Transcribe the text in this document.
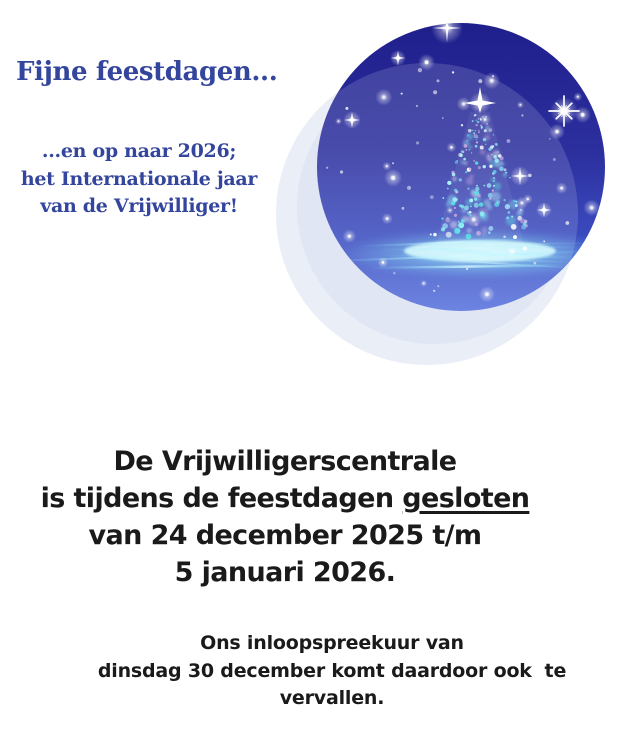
Fijne feestdagen...
...en op naar 2026;
het Internationale jaar
van de Vrijwilliger!
De Vrijwilligerscentrale
is tijdens de feestdagen gesloten
van 24 december 2025 t/m
5 januari 2026.
Ons inloopspreekuur van
dinsdag 30 december komt daardoor ook  te
vervallen.
